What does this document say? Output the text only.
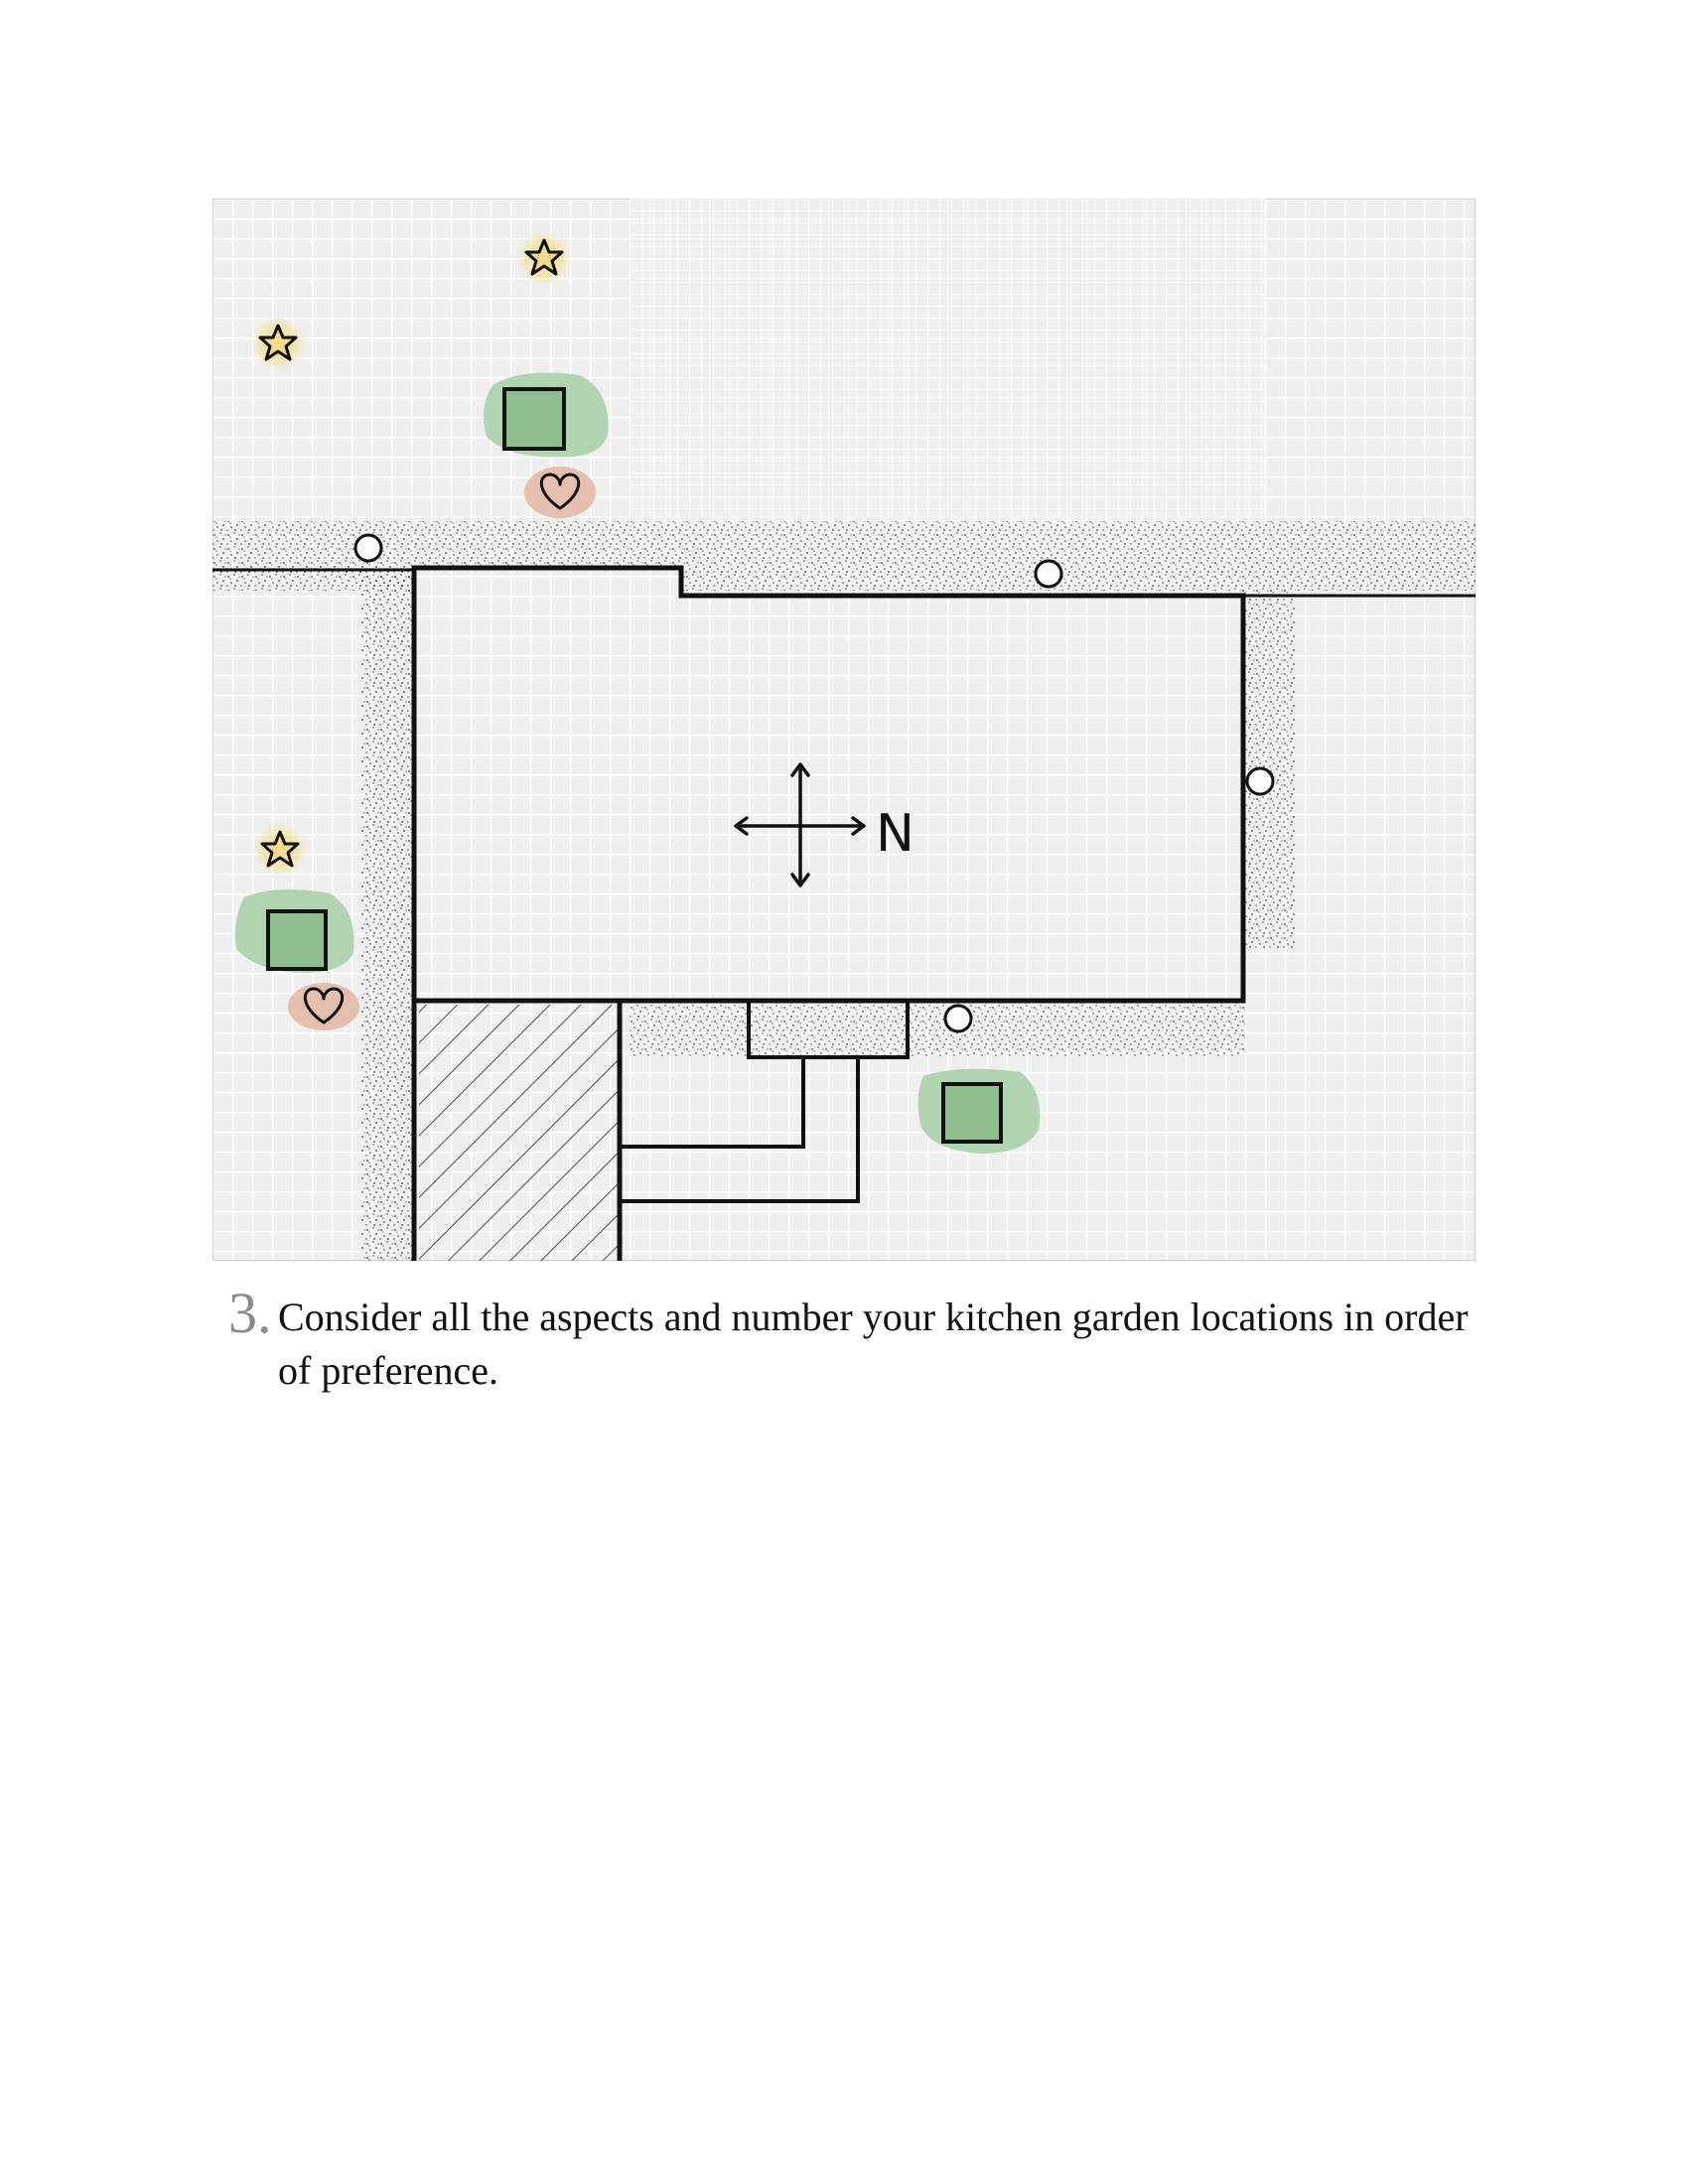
N
3. Consider all the aspects and number your kitchen garden locations in order of preference.
